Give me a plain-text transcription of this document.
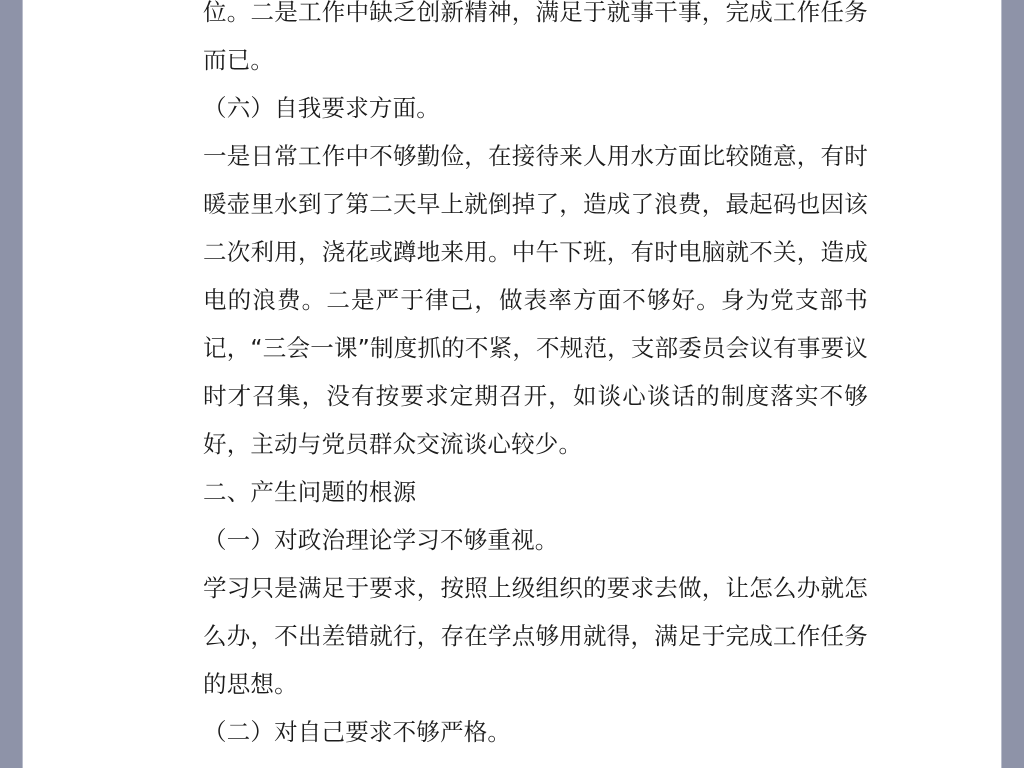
位。二是工作中缺乏创新精神，满足于就事干事，完成工作任务而已。

（六）自我要求方面。

一是日常工作中不够勤俭，在接待来人用水方面比较随意，有时暖壶里水到了第二天早上就倒掉了，造成了浪费，最起码也因该二次利用，浇花或蹲地来用。中午下班，有时电脑就不关，造成电的浪费。二是严于律己，做表率方面不够好。身为党支部书记，“三会一课”制度抓的不紧，不规范，支部委员会议有事要议时才召集，没有按要求定期召开，如谈心谈话的制度落实不够好，主动与党员群众交流谈心较少。

二、产生问题的根源

（一）对政治理论学习不够重视。

学习只是满足于要求，按照上级组织的要求去做，让怎么办就怎么办，不出差错就行，存在学点够用就得，满足于完成工作任务的思想。

（二）对自己要求不够严格。
